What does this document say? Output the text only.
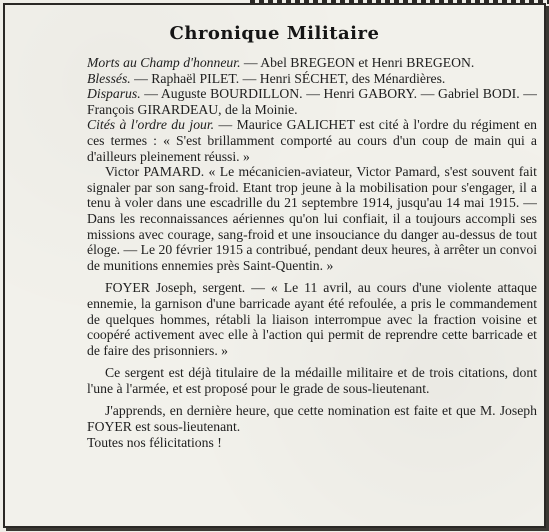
Chronique Militaire

Morts au Champ d'honneur. — Abel BREGEON et Henri BREGEON.

Blessés. — Raphaël PILET. — Henri SÉCHET, des Ménardières.

Disparus. — Auguste BOURDILLON. — Henri GABORY. — Gabriel BODI. — François GIRARDEAU, de la Moinie.

Cités à l'ordre du jour. — Maurice GALICHET est cité à l'ordre du régiment en ces termes : « S'est brillamment comporté au cours d'un coup de main qui a d'ailleurs pleinement réussi. »

Victor PAMARD. « Le mécanicien-aviateur, Victor Pamard, s'est souvent fait signaler par son sang-froid. Etant trop jeune à la mobilisation pour s'engager, il a tenu à voler dans une escadrille du 21 septembre 1914, jusqu'au 14 mai 1915. — Dans les reconnaissances aériennes qu'on lui confiait, il a toujours accompli ses missions avec courage, sang-froid et une insouciance du danger au-dessus de tout éloge. — Le 20 février 1915 a contribué, pendant deux heures, à arrêter un convoi de munitions ennemies près Saint-Quentin. »

FOYER Joseph, sergent. — « Le 11 avril, au cours d'une violente attaque ennemie, la garnison d'une barricade ayant été refoulée, a pris le commandement de quelques hommes, rétabli la liaison interrompue avec la fraction voisine et coopéré activement avec elle à l'action qui permit de reprendre cette barricade et de faire des prisonniers. »

Ce sergent est déjà titulaire de la médaille militaire et de trois citations, dont l'une à l'armée, et est proposé pour le grade de sous-lieutenant.

J'apprends, en dernière heure, que cette nomination est faite et que M. Joseph FOYER est sous-lieutenant.

Toutes nos félicitations !
